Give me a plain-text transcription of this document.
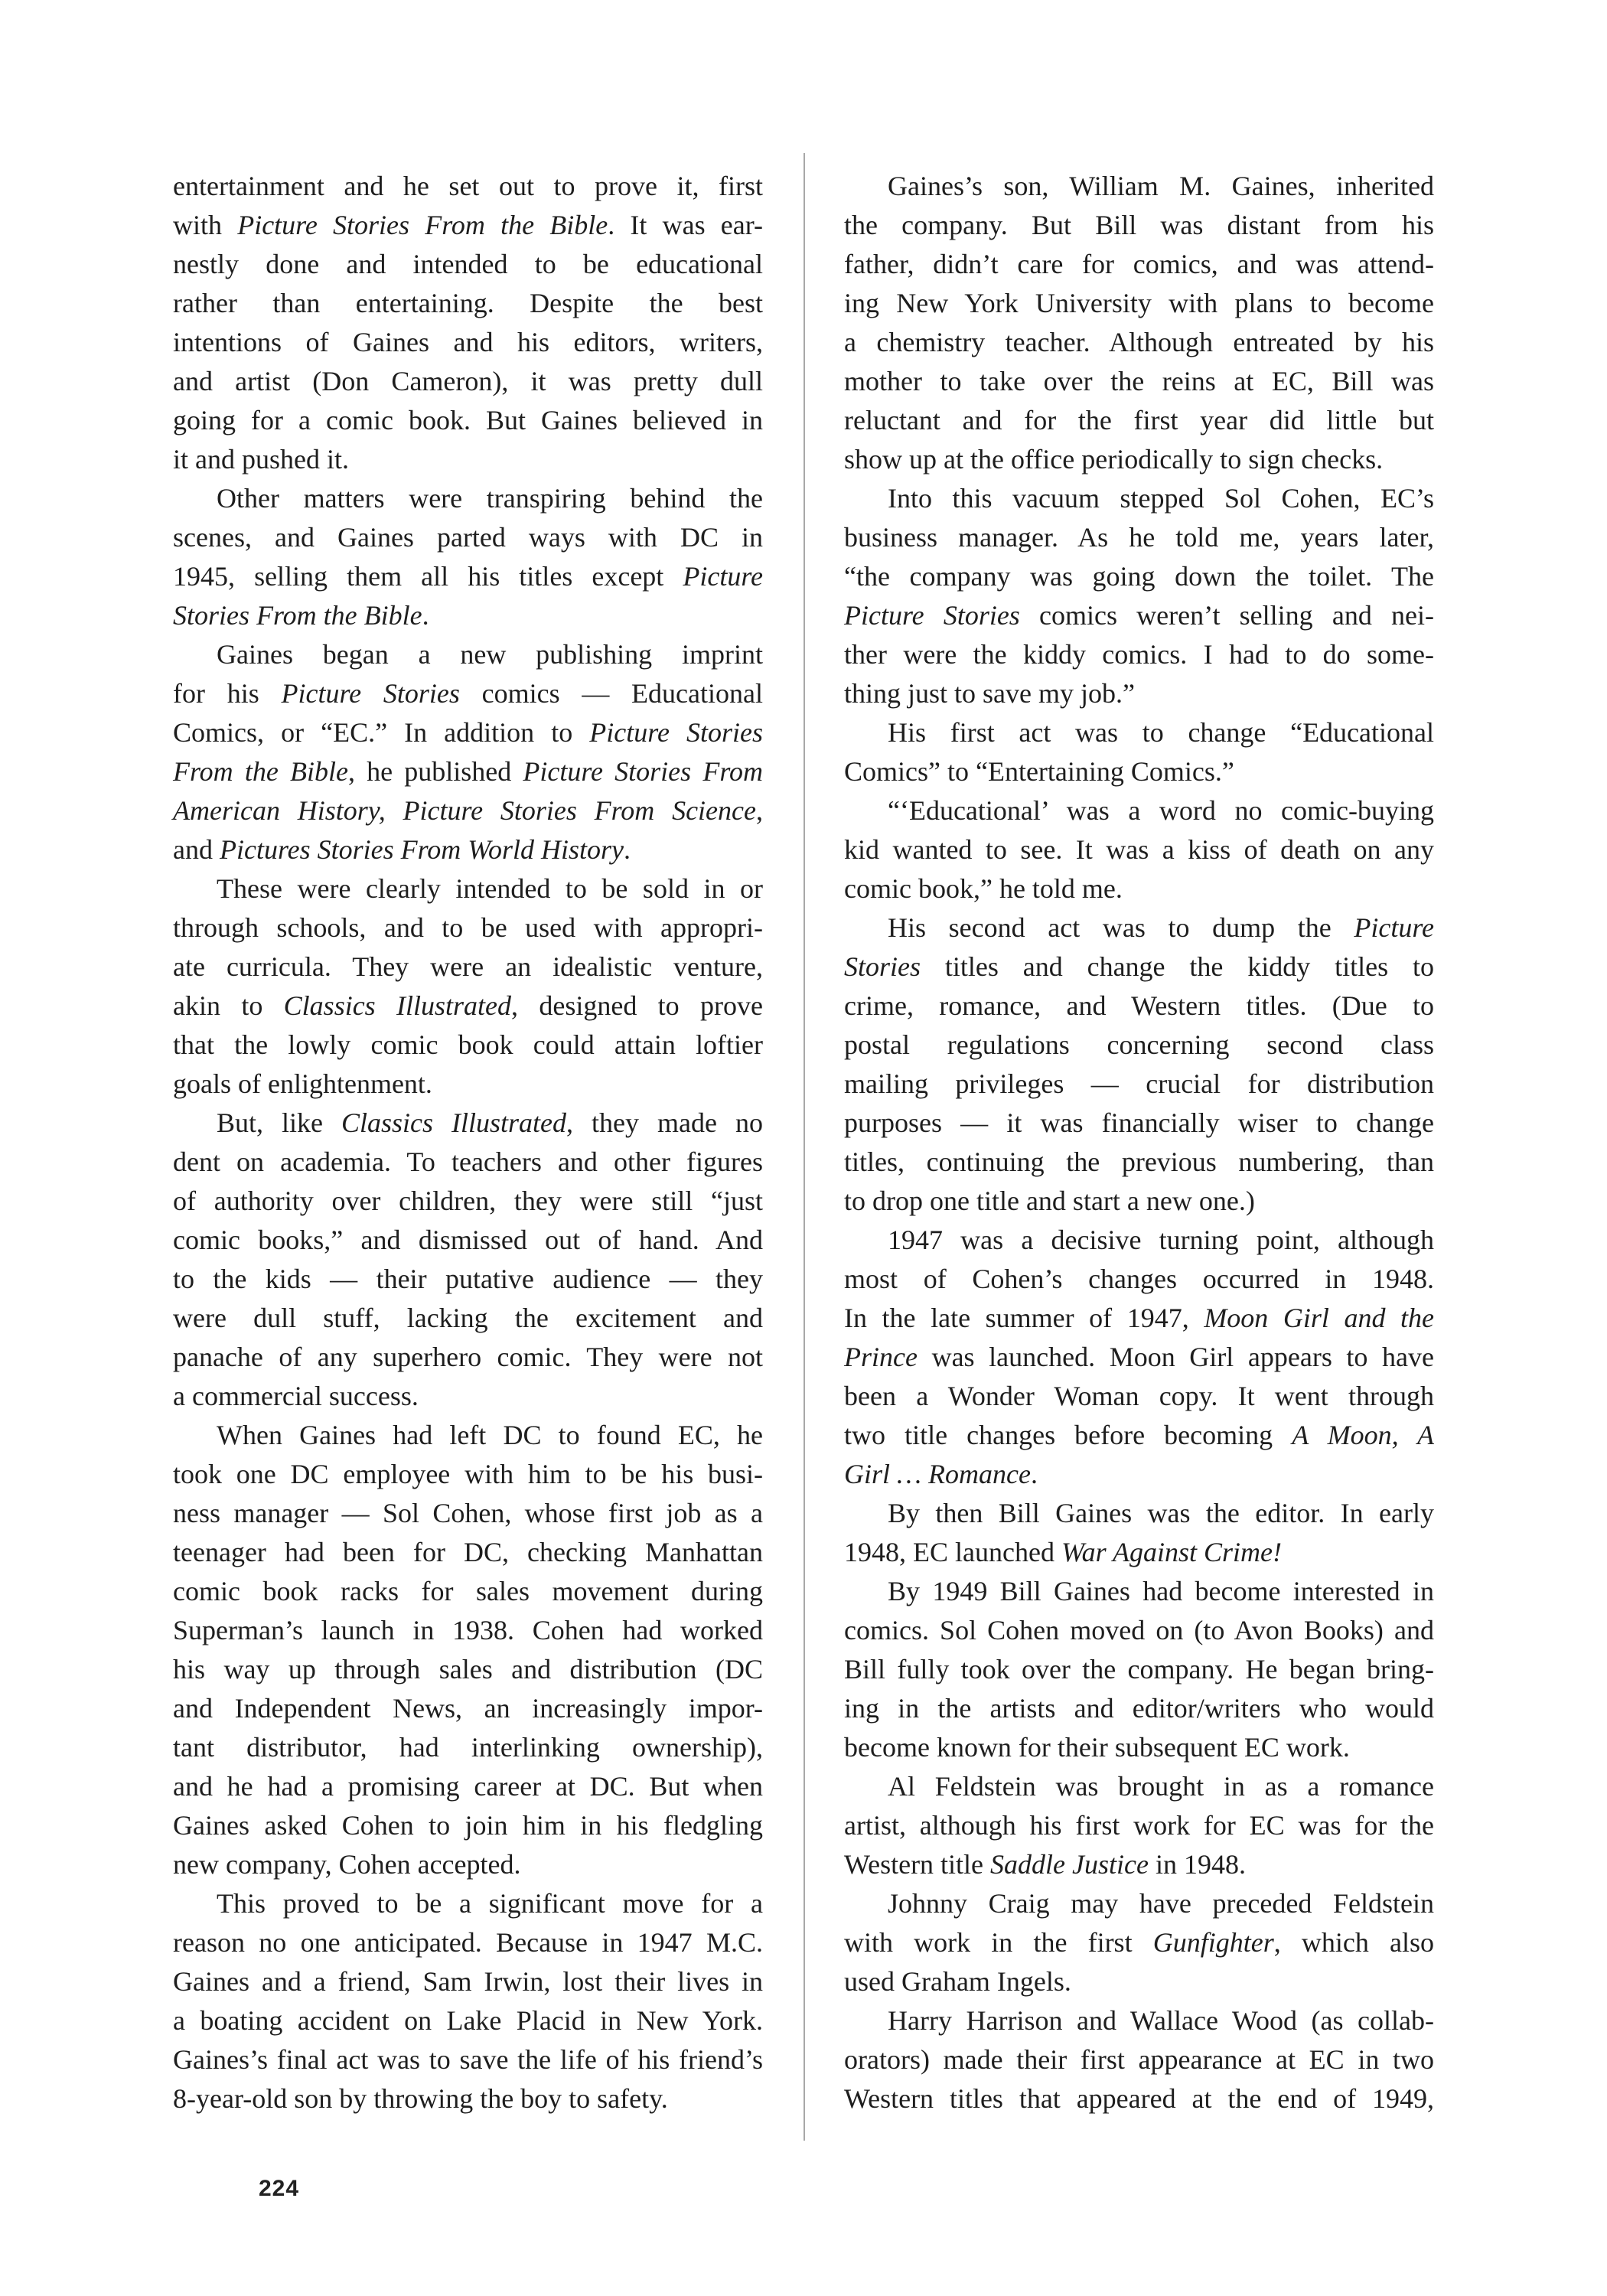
entertainment and he set out to prove it, first
with Picture Stories From the Bible. It was ear-
nestly done and intended to be educational
rather than entertaining. Despite the best
intentions of Gaines and his editors, writers,
and artist (Don Cameron), it was pretty dull
going for a comic book. But Gaines believed in
it and pushed it.
Other matters were transpiring behind the
scenes, and Gaines parted ways with DC in
1945, selling them all his titles except Picture
Stories From the Bible.
Gaines began a new publishing imprint
for his Picture Stories comics — Educational
Comics, or “EC.” In addition to Picture Stories
From the Bible, he published Picture Stories From
American History, Picture Stories From Science,
and Pictures Stories From World History.
These were clearly intended to be sold in or
through schools, and to be used with appropri-
ate curricula. They were an idealistic venture,
akin to Classics Illustrated, designed to prove
that the lowly comic book could attain loftier
goals of enlightenment.
But, like Classics Illustrated, they made no
dent on academia. To teachers and other figures
of authority over children, they were still “just
comic books,” and dismissed out of hand. And
to the kids — their putative audience — they
were dull stuff, lacking the excitement and
panache of any superhero comic. They were not
a commercial success.
When Gaines had left DC to found EC, he
took one DC employee with him to be his busi-
ness manager — Sol Cohen, whose first job as a
teenager had been for DC, checking Manhattan
comic book racks for sales movement during
Superman’s launch in 1938. Cohen had worked
his way up through sales and distribution (DC
and Independent News, an increasingly impor-
tant distributor, had interlinking ownership),
and he had a promising career at DC. But when
Gaines asked Cohen to join him in his fledgling
new company, Cohen accepted.
This proved to be a significant move for a
reason no one anticipated. Because in 1947 M.C.
Gaines and a friend, Sam Irwin, lost their lives in
a boating accident on Lake Placid in New York.
Gaines’s final act was to save the life of his friend’s
8-year-old son by throwing the boy to safety.
Gaines’s son, William M. Gaines, inherited
the company. But Bill was distant from his
father, didn’t care for comics, and was attend-
ing New York University with plans to become
a chemistry teacher. Although entreated by his
mother to take over the reins at EC, Bill was
reluctant and for the first year did little but
show up at the office periodically to sign checks.
Into this vacuum stepped Sol Cohen, EC’s
business manager. As he told me, years later,
“the company was going down the toilet. The
Picture Stories comics weren’t selling and nei-
ther were the kiddy comics. I had to do some-
thing just to save my job.”
His first act was to change “Educational
Comics” to “Entertaining Comics.”
“‘Educational’ was a word no comic-buying
kid wanted to see. It was a kiss of death on any
comic book,” he told me.
His second act was to dump the Picture
Stories titles and change the kiddy titles to
crime, romance, and Western titles. (Due to
postal regulations concerning second class
mailing privileges — crucial for distribution
purposes — it was financially wiser to change
titles, continuing the previous numbering, than
to drop one title and start a new one.)
1947 was a decisive turning point, although
most of Cohen’s changes occurred in 1948.
In the late summer of 1947, Moon Girl and the
Prince was launched. Moon Girl appears to have
been a Wonder Woman copy. It went through
two title changes before becoming A Moon, A
Girl … Romance.
By then Bill Gaines was the editor. In early
1948, EC launched War Against Crime!
By 1949 Bill Gaines had become interested in
comics. Sol Cohen moved on (to Avon Books) and
Bill fully took over the company. He began bring-
ing in the artists and editor/writers who would
become known for their subsequent EC work.
Al Feldstein was brought in as a romance
artist, although his first work for EC was for the
Western title Saddle Justice in 1948.
Johnny Craig may have preceded Feldstein
with work in the first Gunfighter, which also
used Graham Ingels.
Harry Harrison and Wallace Wood (as collab-
orators) made their first appearance at EC in two
Western titles that appeared at the end of 1949,
224
